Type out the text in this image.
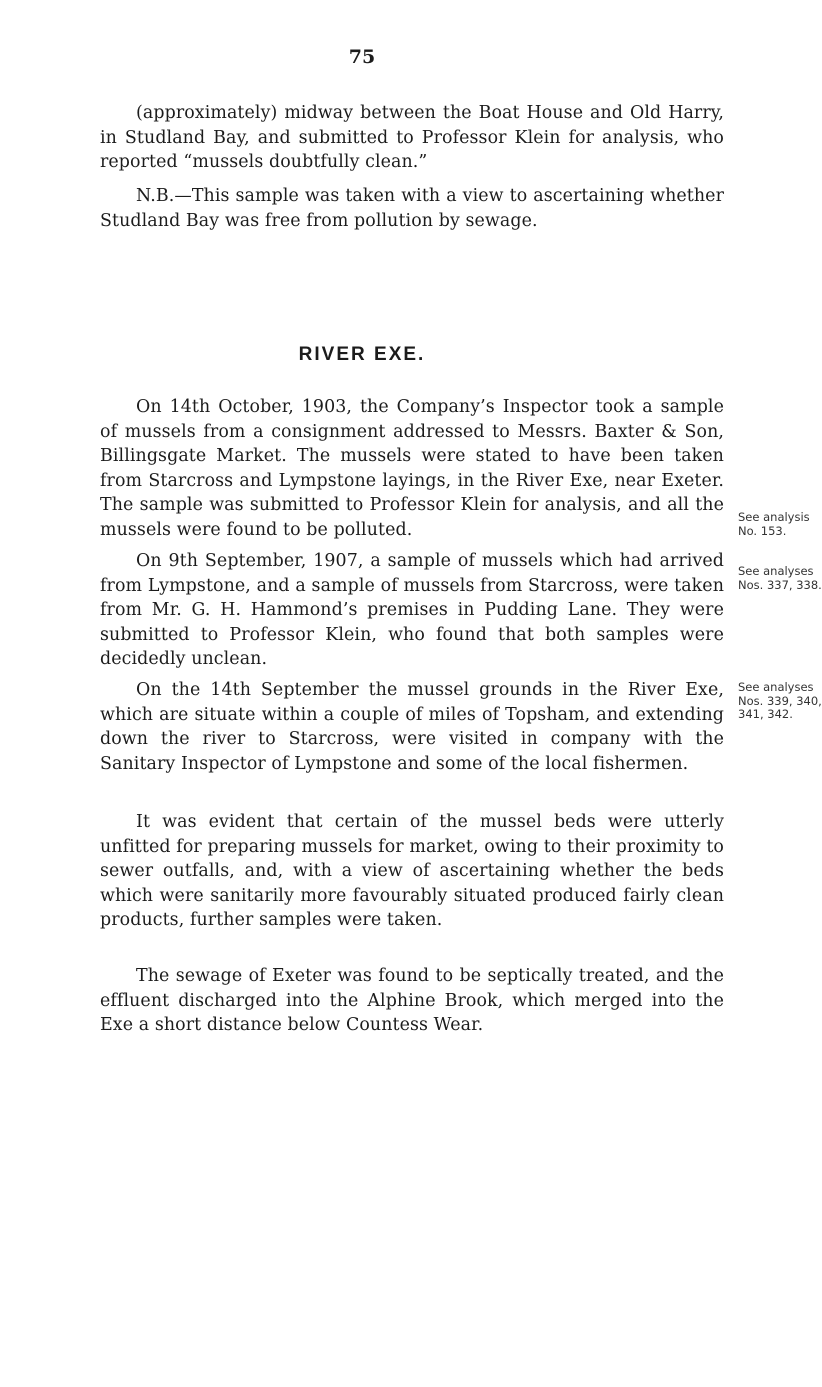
75

(approximately) midway between the Boat House and Old Harry, in Studland Bay, and submitted to Professor Klein for analysis, who reported “mussels doubtfully clean.”

N.B.—This sample was taken with a view to ascertaining whether Studland Bay was free from pollution by sewage.

RIVER EXE.

On 14th October, 1903, the Company’s Inspector took a sample of mussels from a consignment addressed to Messrs. Baxter & Son, Billingsgate Market. The mussels were stated to have been taken from Starcross and Lympstone layings, in the River Exe, near Exeter. The sample was submitted to Professor Klein for analysis, and all the mussels were found to be polluted.

On 9th September, 1907, a sample of mussels which had arrived from Lympstone, and a sample of mussels from Starcross, were taken from Mr. G. H. Hammond’s premises in Pudding Lane. They were submitted to Professor Klein, who found that both samples were decidedly unclean.

On the 14th September the mussel grounds in the River Exe, which are situate within a couple of miles of Topsham, and extending down the river to Starcross, were visited in company with the Sanitary Inspector of Lympstone and some of the local fishermen.

It was evident that certain of the mussel beds were utterly unfitted for preparing mussels for market, owing to their proximity to sewer outfalls, and, with a view of ascertaining whether the beds which were sanitarily more favourably situated produced fairly clean products, further samples were taken.

The sewage of Exeter was found to be septically treated, and the effluent discharged into the Alphine Brook, which merged into the Exe a short distance below Countess Wear.

See analysis
No. 153.
See analyses
Nos. 337, 338.
See analyses
Nos. 339, 340,
341, 342.
